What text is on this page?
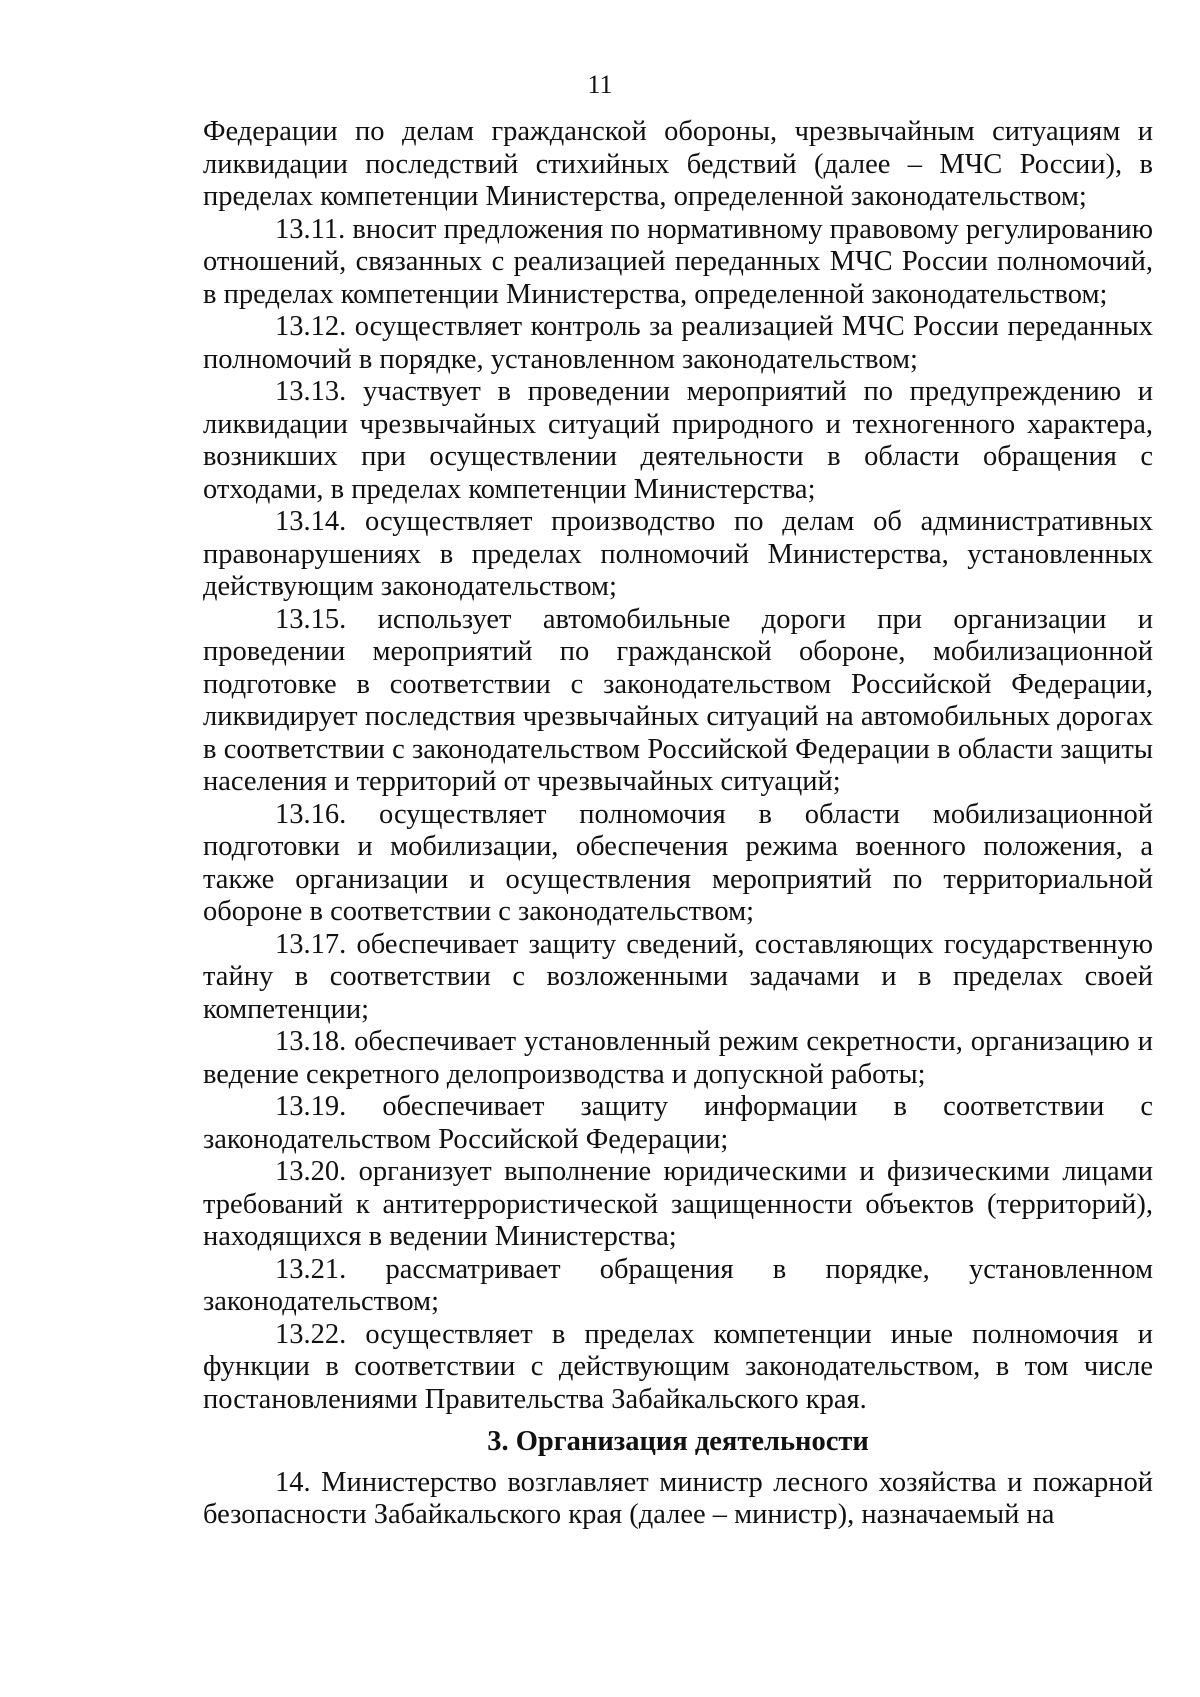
11

Федерации по делам гражданской обороны, чрезвычайным ситуациям и ликвидации последствий стихийных бедствий (далее – МЧС России), в пределах компетенции Министерства, определенной законодательством;

13.11. вносит предложения по нормативному правовому регулированию отношений, связанных с реализацией переданных МЧС России полномочий, в пределах компетенции Министерства, определенной законодательством;

13.12. осуществляет контроль за реализацией МЧС России переданных полномочий в порядке, установленном законодательством;

13.13. участвует в проведении мероприятий по предупреждению и ликвидации чрезвычайных ситуаций природного и техногенного характера, возникших при осуществлении деятельности в области обращения с отходами, в пределах компетенции Министерства;

13.14. осуществляет производство по делам об административных правонарушениях в пределах полномочий Министерства, установленных действующим законодательством;

13.15. использует автомобильные дороги при организации и проведении мероприятий по гражданской обороне, мобилизационной подготовке в соответствии с законодательством Российской Федерации, ликвидирует последствия чрезвычайных ситуаций на автомобильных дорогах в соответствии с законодательством Российской Федерации в области защиты населения и территорий от чрезвычайных ситуаций;

13.16. осуществляет полномочия в области мобилизационной подготовки и мобилизации, обеспечения режима военного положения, а также организации и осуществления мероприятий по территориальной обороне в соответствии с законодательством;

13.17. обеспечивает защиту сведений, составляющих государственную тайну в соответствии с возложенными задачами и в пределах своей компетенции;

13.18. обеспечивает установленный режим секретности, организацию и ведение секретного делопроизводства и допускной работы;

13.19. обеспечивает защиту информации в соответствии с законодательством Российской Федерации;

13.20. организует выполнение юридическими и физическими лицами требований к антитеррористической защищенности объектов (территорий), находящихся в ведении Министерства;

13.21. рассматривает обращения в порядке, установленном законодательством;

13.22. осуществляет в пределах компетенции иные полномочия и функции в соответствии с действующим законодательством, в том числе постановлениями Правительства Забайкальского края.

3. Организация деятельности

14. Министерство возглавляет министр лесного хозяйства и пожарной безопасности Забайкальского края (далее – министр), назначаемый на
